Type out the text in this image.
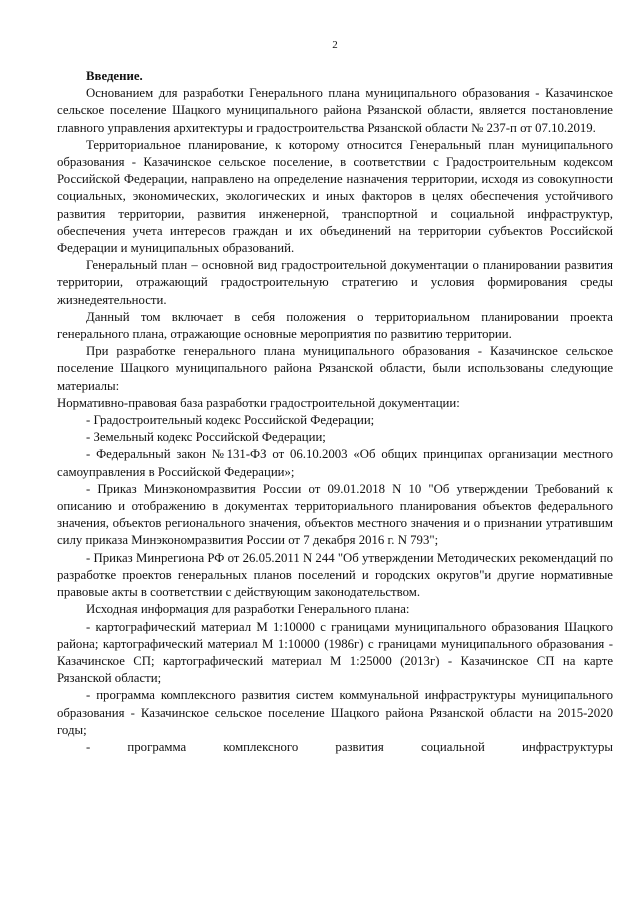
2
Введение.

Основанием для разработки Генерального плана муниципального образования - Казачинское сельское поселение Шацкого муниципального района Рязанской области, является постановление главного управления архитектуры и градостроительства Рязанской области № 237-п от 07.10.2019.

Территориальное планирование, к которому относится Генеральный план муниципального образования - Казачинское сельское поселение, в соответствии с Градостроительным кодексом Российской Федерации, направлено на определение назначения территории, исходя из совокупности социальных, экономических, экологических и иных факторов в целях обеспечения устойчивого развития территории, развития инженерной, транспортной и социальной инфраструктур, обеспечения учета интересов граждан и их объединений на территории субъектов Российской Федерации и муниципальных образований.

Генеральный план – основной вид градостроительной документации о планировании развития территории, отражающий градостроительную стратегию и условия формирования среды жизнедеятельности.

Данный том включает в себя положения о территориальном планировании проекта генерального плана, отражающие основные мероприятия по развитию территории.

При разработке генерального плана муниципального образования - Казачинское сельское поселение Шацкого муниципального района Рязанской области, были использованы следующие материалы:

Нормативно-правовая база разработки градостроительной документации:

- Градостроительный кодекс Российской Федерации;

- Земельный кодекс Российской Федерации;

- Федеральный закон №131-ФЗ от 06.10.2003 «Об общих принципах организации местного самоуправления в Российской Федерации»;

- Приказ Минэкономразвития России от 09.01.2018 N 10 "Об утверждении Требований к описанию и отображению в документах территориального планирования объектов федерального значения, объектов регионального значения, объектов местного значения и о признании утратившим силу приказа Минэкономразвития России от 7 декабря 2016 г. N 793";

- Приказ Минрегиона РФ от 26.05.2011 N 244 "Об утверждении Методических рекомендаций по разработке проектов генеральных планов поселений и городских округов"и другие нормативные правовые акты в соответствии с действующим законодательством.

Исходная информация для разработки Генерального плана:

- картографический материал М 1:10000 с границами муниципального образования Шацкого района; картографический материал М 1:10000 (1986г) с границами муниципального образования - Казачинское СП; картографический материал М 1:25000 (2013г) - Казачинское СП на карте Рязанской области;

- программа комплексного развития систем коммунальной инфраструктуры муниципального образования - Казачинское сельское поселение Шацкого района Рязанской области на 2015-2020 годы;

- программа комплексного развития социальной инфраструктуры
